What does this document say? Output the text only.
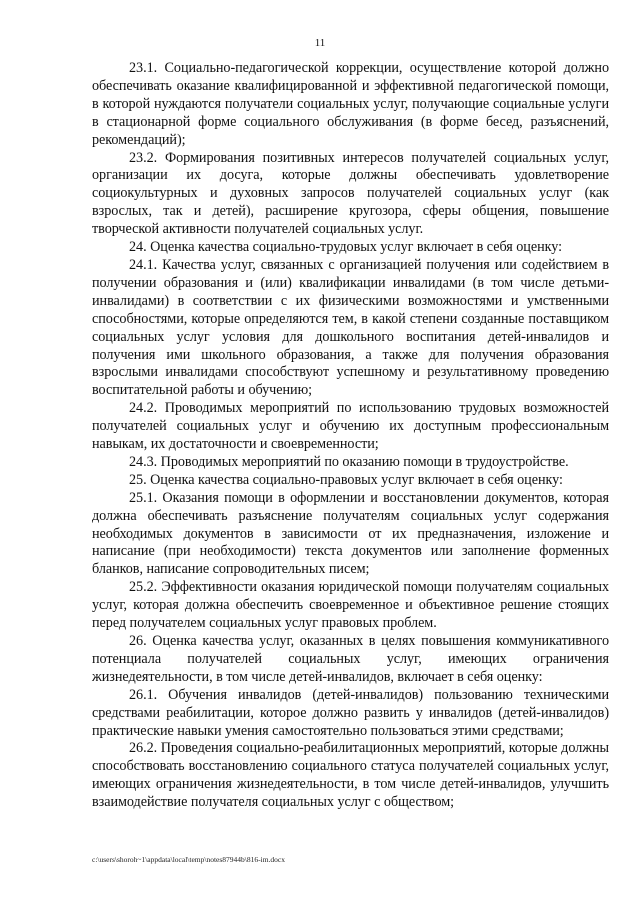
11

23.1. Социально-педагогической коррекции, осуществление которой должно обеспечивать оказание квалифицированной и эффективной педагогической помощи, в которой нуждаются получатели социальных услуг, получающие социальные услуги в стационарной форме социального обслуживания (в форме бесед, разъяснений, рекомендаций);

23.2. Формирования позитивных интересов получателей социальных услуг, организации их досуга, которые должны обеспечивать удовлетворение социокультурных и духовных запросов получателей социальных услуг (как взрослых, так и детей), расширение кругозора, сферы общения, повышение творческой активности получателей социальных услуг.

24. Оценка качества социально-трудовых услуг включает в себя оценку:

24.1. Качества услуг, связанных с организацией получения или содействием в получении образования и (или) квалификации инвалидами (в том числе детьми-инвалидами) в соответствии с их физическими возможностями и умственными способностями, которые определяются тем, в какой степени созданные поставщиком социальных услуг условия для дошкольного воспитания детей-инвалидов и получения ими школьного образования, а также для получения образования взрослыми инвалидами способствуют успешному и результативному проведению воспитательной работы и обучению;

24.2. Проводимых мероприятий по использованию трудовых возможностей получателей социальных услуг и обучению их доступным профессиональным навыкам, их достаточности и своевременности;

24.3. Проводимых мероприятий по оказанию помощи в трудоустройстве.

25. Оценка качества социально-правовых услуг включает в себя оценку:

25.1. Оказания помощи в оформлении и восстановлении документов, которая должна обеспечивать разъяснение получателям социальных услуг содержания необходимых документов в зависимости от их предназначения, изложение и написание (при необходимости) текста документов или заполнение форменных бланков, написание сопроводительных писем;

25.2. Эффективности оказания юридической помощи получателям социальных услуг, которая должна обеспечить своевременное и объективное решение стоящих перед получателем социальных услуг правовых проблем.

26. Оценка качества услуг, оказанных в целях повышения коммуникативного потенциала получателей социальных услуг, имеющих ограничения жизнедеятельности, в том числе детей-инвалидов, включает в себя оценку:

26.1. Обучения инвалидов (детей-инвалидов) пользованию техническими средствами реабилитации, которое должно развить у инвалидов (детей-инвалидов) практические навыки умения самостоятельно пользоваться этими средствами;

26.2. Проведения социально-реабилитационных мероприятий, которые должны способствовать восстановлению социального статуса получателей социальных услуг, имеющих ограничения жизнедеятельности, в том числе детей-инвалидов, улучшить взаимодействие получателя социальных услуг с обществом;

c:\users\shoroh~1\appdata\local\temp\notes87944b\816-im.docx
